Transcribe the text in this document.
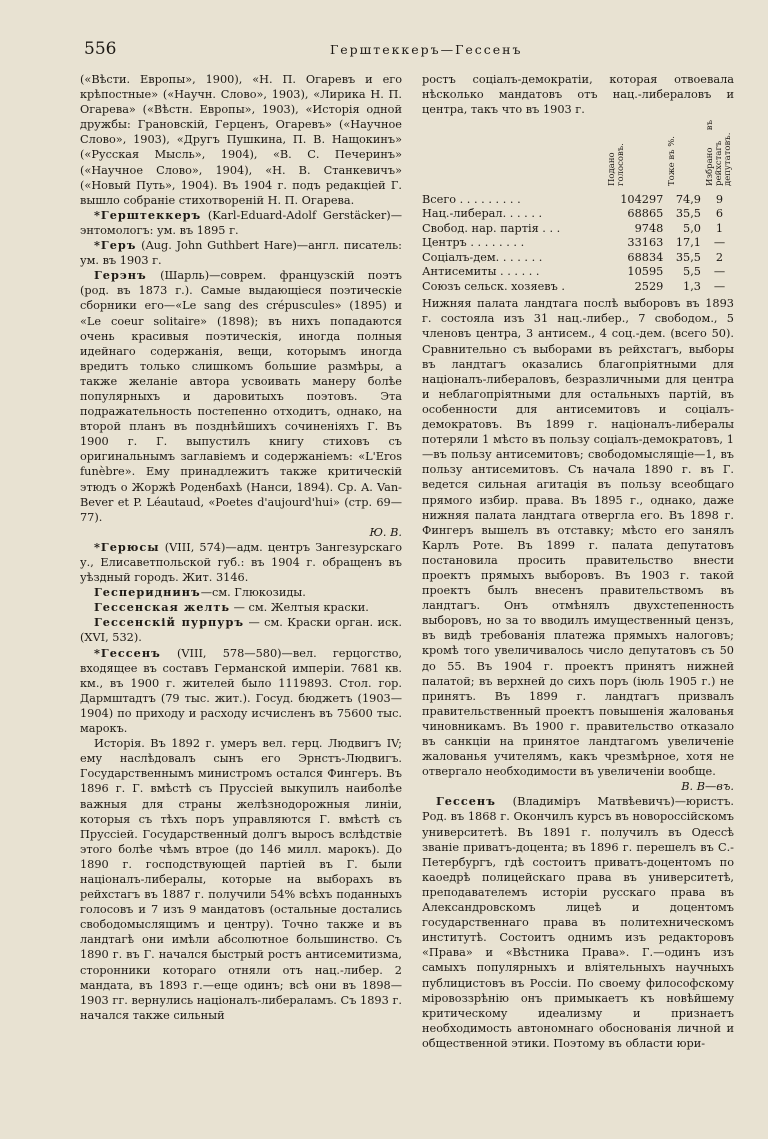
556	Герштеккеръ—Гессенъ

(«Вѣсти. Европы», 1900), «Н. П. Огаревъ и его крѣпостные» («Научн. Слово», 1903), «Лирика Н. П. Огарева» («Вѣстн. Европы», 1903), «Исторія одной дружбы: Грановскій, Герценъ, Огаревъ» («Научное Слово», 1903), «Другъ Пушкина, П. В. Нащокинъ» («Русская Мысль», 1904), «В. С. Печеринъ» («Научное Слово», 1904), «Н. В. Станкевичъ» («Новый Путь», 1904). Въ 1904 г. подъ редакціей Г. вышло собраніе стихотвореній Н. П. Огарева.

*Герштеккеръ (Karl-Eduard-Adolf Gerstäcker)—энтомологъ: ум. въ 1895 г.

*Геръ (Aug. John Guthbert Hare)—англ. писатель: ум. въ 1903 г.

Герэнъ (Шарль)—соврем. французскій поэтъ (род. въ 1873 г.). Самые выдающіеся поэтическіе сборники его—«Le sang des crépuscules» (1895) и «Le coeur solitaire» (1898); въ нихъ попадаются очень красивыя поэтическія, иногда полныя идейнаго содержанія, вещи, которымъ иногда вредитъ только слишкомъ большие размѣры, а также желаніе автора усвоивать манеру болѣе популярныхъ и даровитыхъ поэтовъ. Эта подражательность постепенно отходитъ, однако, на второй планъ въ позднѣйшихъ сочиненіяхъ Г. Въ 1900 г. Г. выпустилъ книгу стиховъ съ оригинальнымъ заглавіемъ и содержаніемъ: «L'Eros funèbre». Ему принадлежитъ также критическій этюдъ о Жоржѣ Роденбахѣ (Нанси, 1894). Ср. A. Van-Bever et P. Léautaud, «Poetes d'aujourd'hui» (стр. 69—77).

Ю. В.

*Герюсы (VIII, 574)—адм. центръ Зангезурскаго у., Елисаветпольской губ.: въ 1904 г. обращенъ въ уѣздный городъ. Жит. 3146.

Геспериднинъ—см. Глюкозиды.

Гессенская желть — см. Желтыя краски.

Гессенскій пурпуръ — см. Краски орган. иск. (XVI, 532).

*Гессенъ (VIII, 578—580)—вел. герцогство, входящее въ составъ Германской имперіи. 7681 кв. км., въ 1900 г. жителей было 1119893. Стол. гор. Дармштадтъ (79 тыс. жит.). Госуд. бюджетъ (1903—1904) по приходу и расходу исчисленъ въ 75600 тыс. марокъ.

Исторія. Въ 1892 г. умеръ вел. герц. Людвигъ IV; ему наслѣдовалъ сынъ его Эрнстъ-Людвигъ. Государственнымъ министромъ остался Фингеръ. Въ 1896 г. Г. вмѣстѣ съ Пруссіей выкупилъ наиболѣе важныя для страны желѣзнодорожныя линіи, которыя съ тѣхъ поръ управляются Г. вмѣстѣ съ Пруссіей. Государственный долгъ выросъ вслѣдствіе этого болѣе чѣмъ втрое (до 146 милл. марокъ). До 1890 г. господствующей партіей въ Г. были націоналъ-либералы, которые на выборахъ въ рейхстагъ въ 1887 г. получили 54% всѣхъ поданныхъ голосовъ и 7 изъ 9 мандатовъ (остальные достались свободомыслящимъ и центру). Точно также и въ ландтагѣ они имѣли абсолютное большинство. Съ 1890 г. въ Г. начался быстрый ростъ антисемитизма, сторонники котораго отняли отъ нац.-либер. 2 мандата, въ 1893 г.—еще одинъ; всѣ они въ 1898—1903 гг. вернулись націоналъ-либераламъ. Съ 1893 г. начался также сильный

ростъ соціалъ-демократіи, которая отвоевала нѣсколько мандатовъ отъ нац.-либераловъ и центра, такъ что въ 1903 г.

	Подано голосовъ.	Тоже въ %.	Избрано въ рейхстагъ депутатовъ.
Всего . . . . . . . . .	104297	74,9	9
Нац.-либерал. . . . . .	68865	35,5	6
Свобод. нар. партія . . .	9748	5,0	1
Центръ . . . . . . . .	33163	17,1	—
Соціалъ-дем. . . . . . .	68834	35,5	2
Антисемиты . . . . . .	10595	5,5	—
Союзъ сельск. хозяевъ .	2529	1,3	—

Нижняя палата ландтага послѣ выборовъ въ 1893 г. состояла изъ 31 нац.-либер., 7 свободом., 5 членовъ центра, 3 антисем., 4 соц.-дем. (всего 50). Сравнительно съ выборами въ рейхстагъ, выборы въ ландтагъ оказались благопріятными для націоналъ-либераловъ, безразличными для центра и неблагопріятными для остальныхъ партій, въ особенности для антисемитовъ и соціалъ-демократовъ. Въ 1899 г. націоналъ-либералы потеряли 1 мѣсто въ пользу соціалъ-демократовъ, 1—въ пользу антисемитовъ; свободомыслящіе—1, въ пользу антисемитовъ. Съ начала 1890 г. въ Г. ведется сильная агитація въ пользу всеобщаго прямого избир. права. Въ 1895 г., однако, даже нижняя палата ландтага отвергла его. Въ 1898 г. Фингеръ вышелъ въ отставку; мѣсто его занялъ Карлъ Роте. Въ 1899 г. палата депутатовъ постановила просить правительство внести проектъ прямыхъ выборовъ. Въ 1903 г. такой проектъ былъ внесенъ правительствомъ въ ландтагъ. Онъ отмѣнялъ двухстепенность выборовъ, но за то вводилъ имущественный цензъ, въ видѣ требованія платежа прямыхъ налоговъ; кромѣ того увеличивалось число депутатовъ съ 50 до 55. Въ 1904 г. проектъ принятъ нижней палатой; въ верхней до сихъ поръ (іюль 1905 г.) не принятъ. Въ 1899 г. ландтагъ призвалъ правительственный проектъ повышенія жалованья чиновникамъ. Въ 1900 г. правительство отказало въ санкціи на принятое ландтагомъ увеличеніе жалованья учителямъ, какъ чрезмѣрное, хотя не отвергало необходимости въ увеличеніи вообще.

В. В—въ.

Гессенъ (Владиміръ Матвѣевичъ)—юристъ. Род. въ 1868 г. Окончилъ курсъ въ новороссійскомъ университетѣ. Въ 1891 г. получилъ въ Одессѣ званіе приватъ-доцента; въ 1896 г. перешелъ въ С.-Петербургъ, гдѣ состоитъ приватъ-доцентомъ по каоедрѣ полицейскаго права въ университетѣ, преподавателемъ исторіи русскаго права въ Александровскомъ лицеѣ и доцентомъ государственнаго права въ политехническомъ институтѣ. Состоитъ однимъ изъ редакторовъ «Права» и «Вѣстника Права». Г.—одинъ изъ самыхъ популярныхъ и вліятельныхъ научныхъ публицистовъ въ Россіи. По своему философскому міровоззрѣнію онъ примыкаетъ къ новѣйшему критическому идеализму и признаетъ необходимость автономнаго обоснованія личной и общественной этики. Поэтому въ области юри-
